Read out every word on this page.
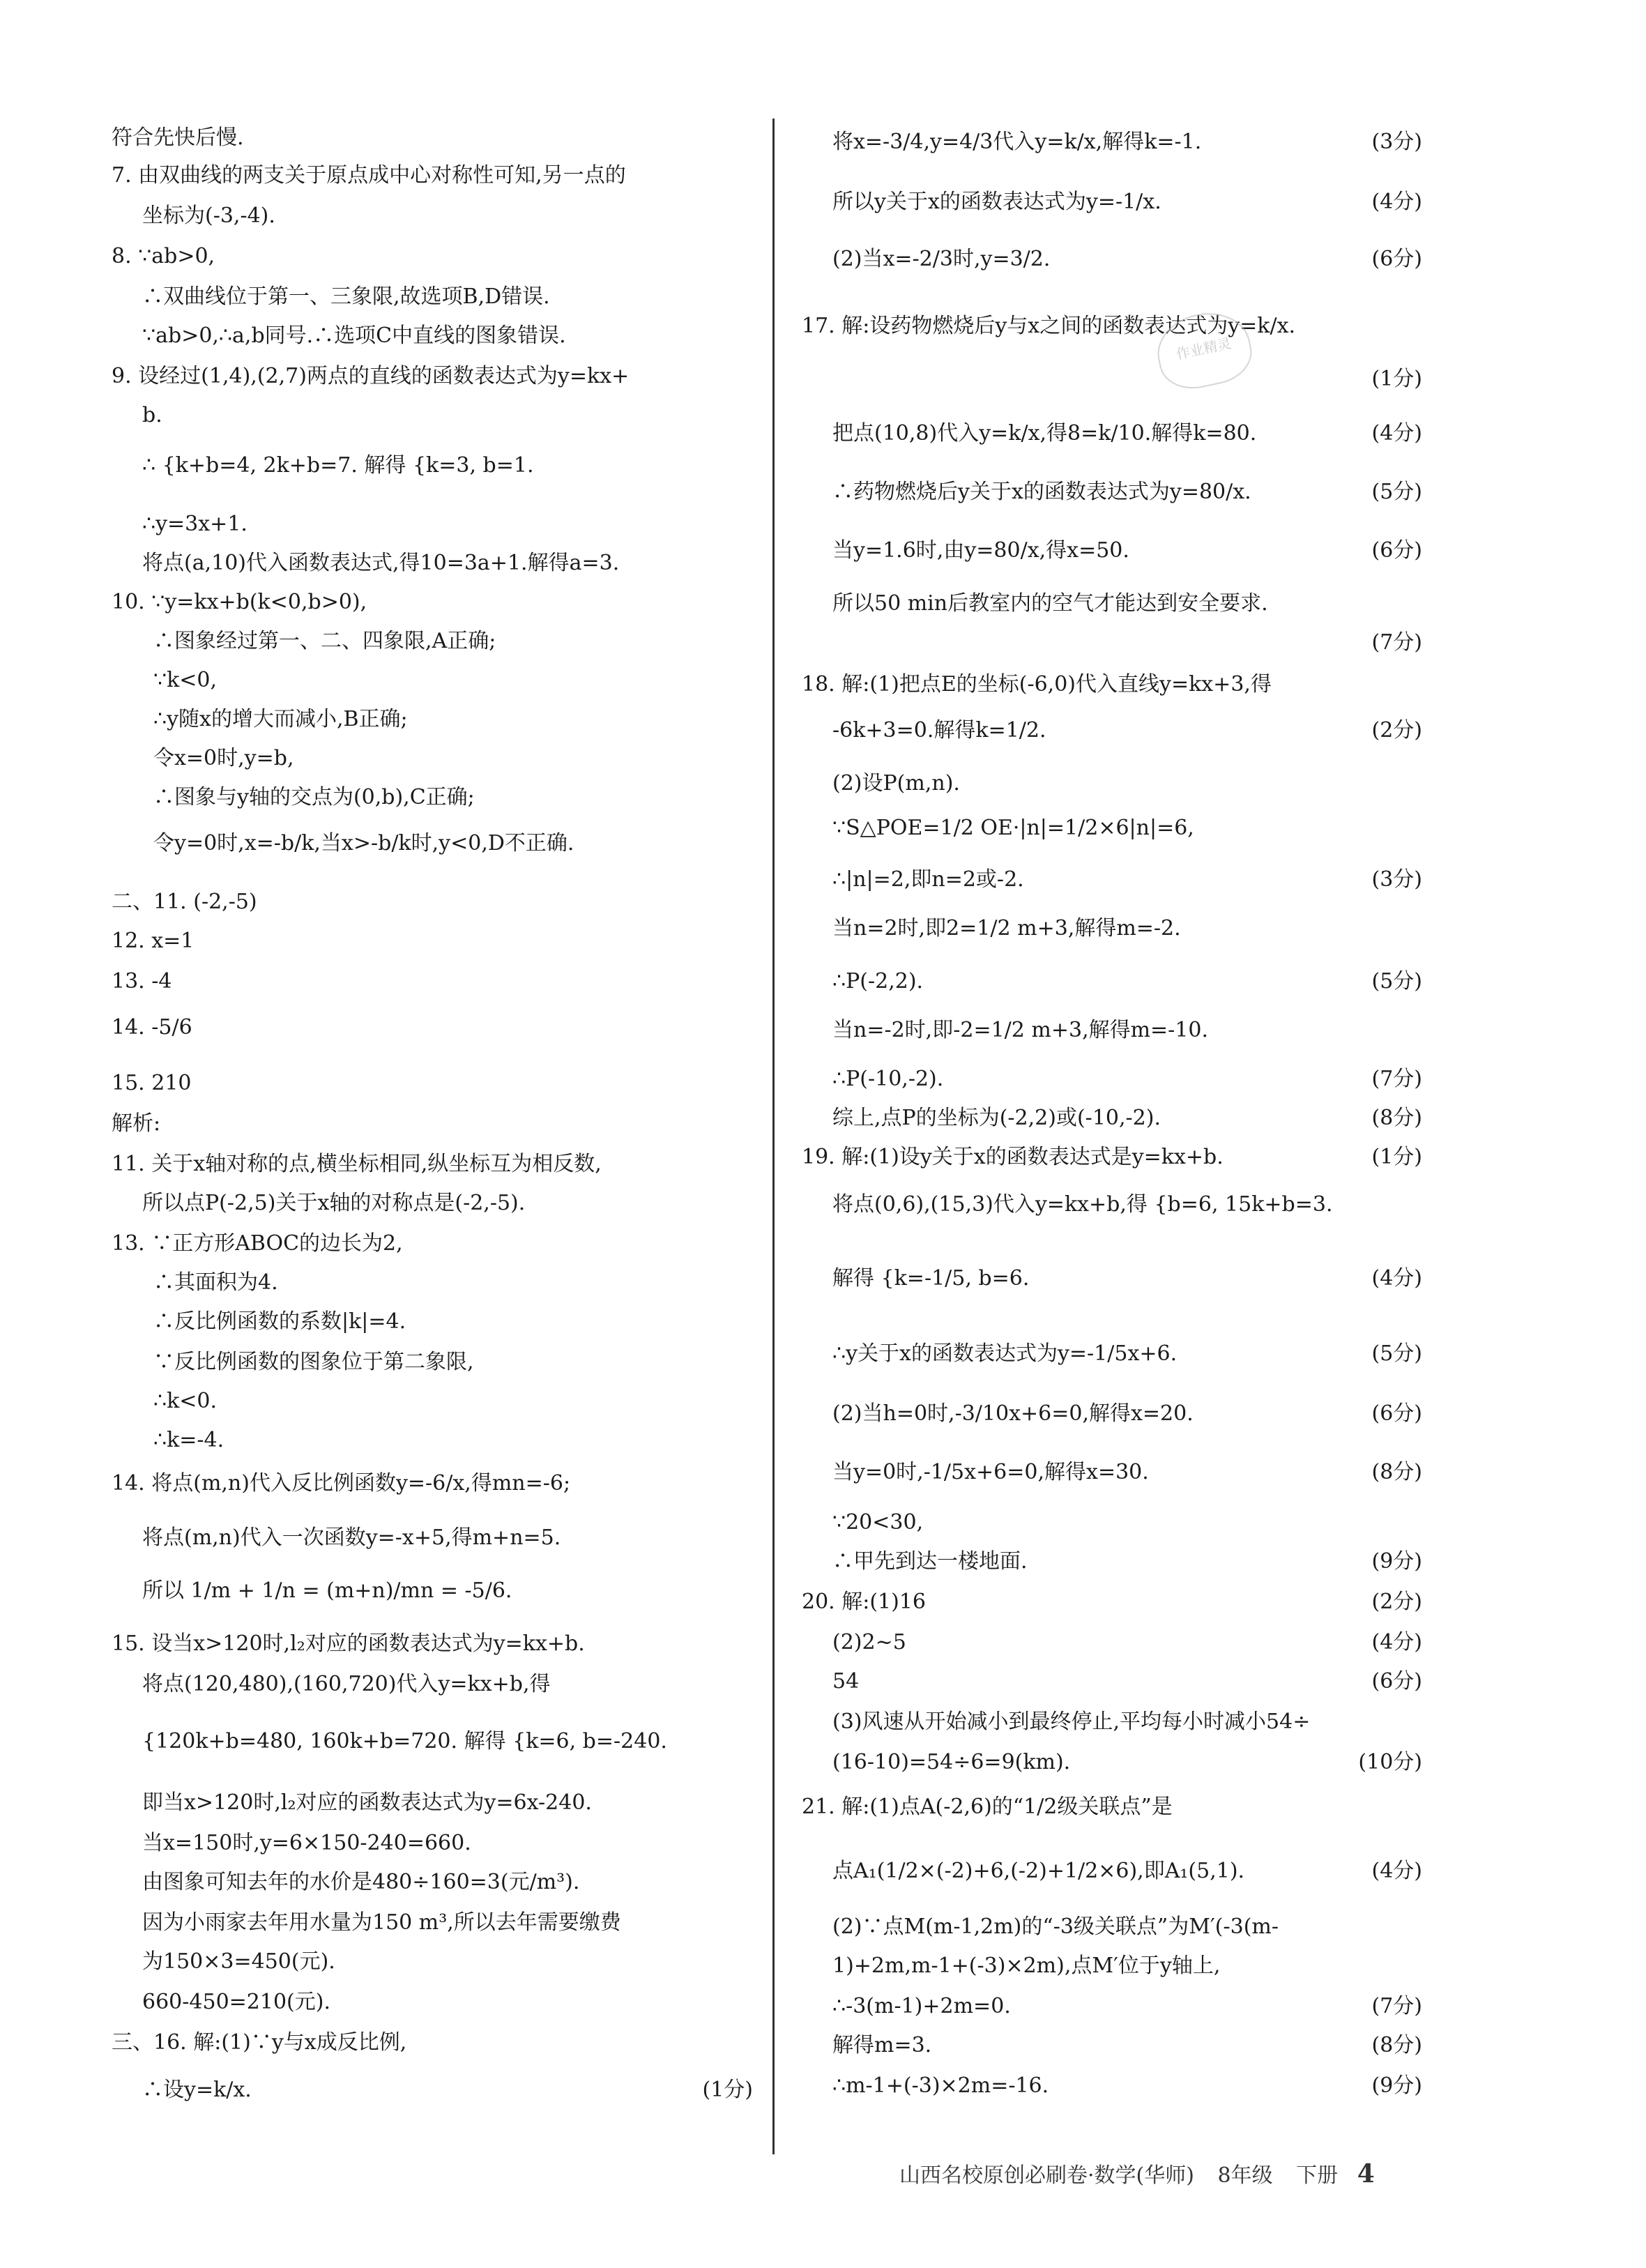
符合先快后慢.
7. 由双曲线的两支关于原点成中心对称性可知,另一点的
坐标为(-3,-4).
8. ∵ab>0,
∴双曲线位于第一、三象限,故选项B,D错误.
∵ab>0,∴a,b同号.∴选项C中直线的图象错误.
9. 设经过(1,4),(2,7)两点的直线的函数表达式为y=kx+
b.
∴ {k+b=4, 2k+b=7. 解得 {k=3, b=1.
∴y=3x+1.
将点(a,10)代入函数表达式,得10=3a+1.解得a=3.
10. ∵y=kx+b(k<0,b>0),
∴图象经过第一、二、四象限,A正确;
∵k<0,
∴y随x的增大而减小,B正确;
令x=0时,y=b,
∴图象与y轴的交点为(0,b),C正确;
令y=0时,x=-b/k,当x>-b/k时,y<0,D不正确.
二、11. (-2,-5)
12. x=1
13. -4
14. -5/6
15. 210
解析:
11. 关于x轴对称的点,横坐标相同,纵坐标互为相反数,
所以点P(-2,5)关于x轴的对称点是(-2,-5).
13. ∵正方形ABOC的边长为2,
∴其面积为4.
∴反比例函数的系数|k|=4.
∵反比例函数的图象位于第二象限,
∴k<0.
∴k=-4.
14. 将点(m,n)代入反比例函数y=-6/x,得mn=-6;
将点(m,n)代入一次函数y=-x+5,得m+n=5.
所以 1/m + 1/n = (m+n)/mn = -5/6.
15. 设当x>120时,l₂对应的函数表达式为y=kx+b.
将点(120,480),(160,720)代入y=kx+b,得
{120k+b=480, 160k+b=720. 解得 {k=6, b=-240.
即当x>120时,l₂对应的函数表达式为y=6x-240.
当x=150时,y=6×150-240=660.
由图象可知去年的水价是480÷160=3(元/m³).
因为小雨家去年用水量为150 m³,所以去年需要缴费
为150×3=450(元).
660-450=210(元).
三、16. 解:(1)∵y与x成反比例,
∴设y=k/x.	(1分)
将x=-3/4,y=4/3代入y=k/x,解得k=-1.	(3分)
所以y关于x的函数表达式为y=-1/x.	(4分)
(2)当x=-2/3时,y=3/2.	(6分)
17. 解:设药物燃烧后y与x之间的函数表达式为y=k/x.
(1分)
把点(10,8)代入y=k/x,得8=k/10.解得k=80.	(4分)
∴药物燃烧后y关于x的函数表达式为y=80/x.	(5分)
当y=1.6时,由y=80/x,得x=50.	(6分)
所以50 min后教室内的空气才能达到安全要求.
(7分)
18. 解:(1)把点E的坐标(-6,0)代入直线y=kx+3,得
-6k+3=0.解得k=1/2.	(2分)
(2)设P(m,n).
∵S△POE=1/2 OE·|n|=1/2×6|n|=6,
∴|n|=2,即n=2或-2.	(3分)
当n=2时,即2=1/2 m+3,解得m=-2.
∴P(-2,2).	(5分)
当n=-2时,即-2=1/2 m+3,解得m=-10.
∴P(-10,-2).	(7分)
综上,点P的坐标为(-2,2)或(-10,-2).	(8分)
19. 解:(1)设y关于x的函数表达式是y=kx+b.	(1分)
将点(0,6),(15,3)代入y=kx+b,得 {b=6, 15k+b=3.
解得 {k=-1/5, b=6.	(4分)
∴y关于x的函数表达式为y=-1/5x+6.	(5分)
(2)当h=0时,-3/10x+6=0,解得x=20.	(6分)
当y=0时,-1/5x+6=0,解得x=30.	(8分)
∵20<30,
∴甲先到达一楼地面.	(9分)
20. 解:(1)16	(2分)
(2)2~5	(4分)
54	(6分)
(3)风速从开始减小到最终停止,平均每小时减小54÷
(16-10)=54÷6=9(km).	(10分)
21. 解:(1)点A(-2,6)的“1/2级关联点”是
点A₁(1/2×(-2)+6,(-2)+1/2×6),即A₁(5,1).	(4分)
(2)∵点M(m-1,2m)的“-3级关联点”为M′(-3(m-
1)+2m,m-1+(-3)×2m),点M′位于y轴上,
∴-3(m-1)+2m=0.	(7分)
解得m=3.	(8分)
∴m-1+(-3)×2m=-16.	(9分)
作业精灵
山西名校原创必刷卷·数学(华师) 8年级 下册 4
